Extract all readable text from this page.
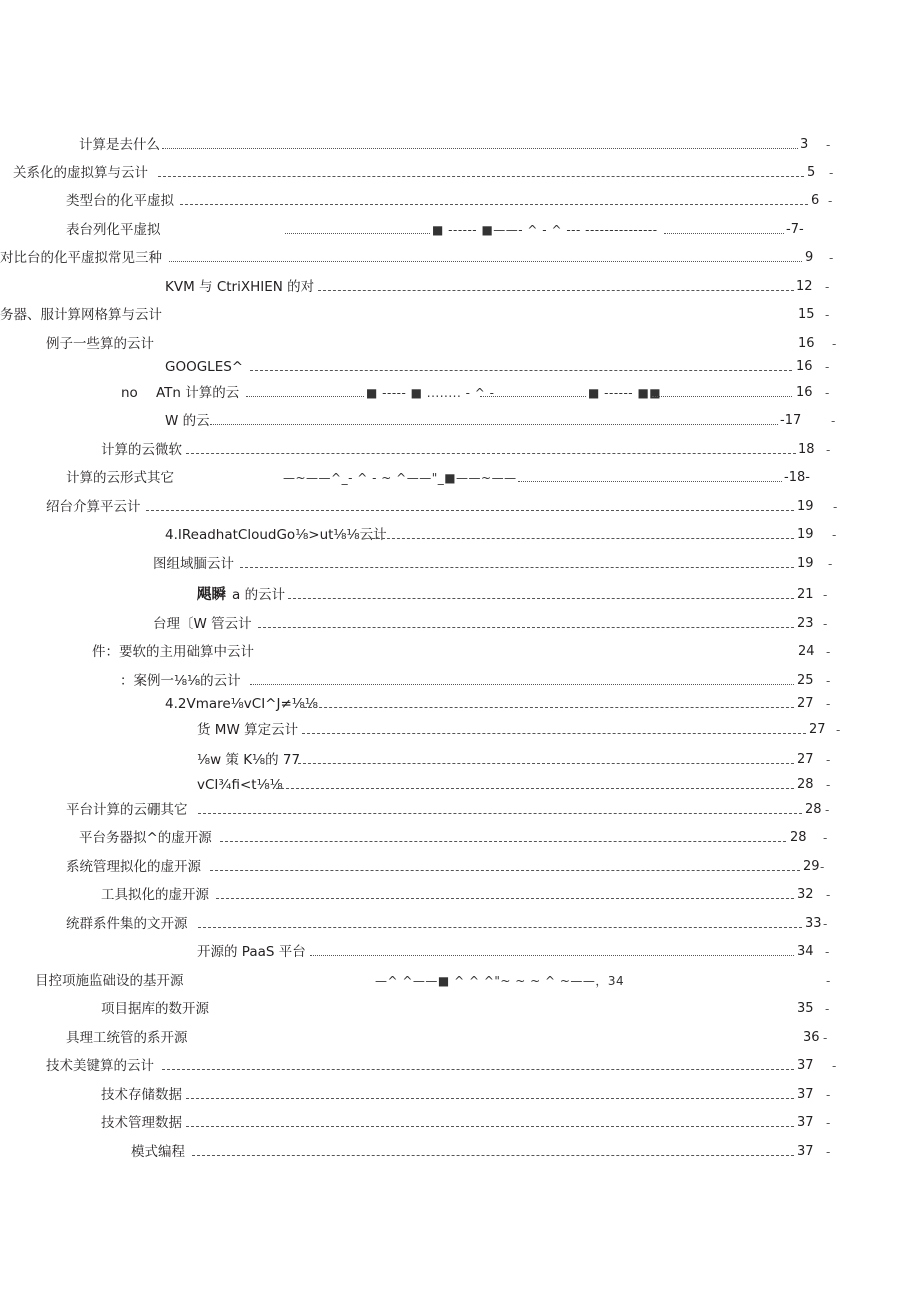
计算是去什么	3 -
关系化的虚拟算与云计	5 -
类型台的化平虚拟	6 -
表台列化平虚拟	■ ------ ■——- ^ - ^ --- ---------------	-7-
对比台的化平虚拟常见三种	9 -
KVM 与 CtriXHIEN 的对	12 -
务器、服计算网格算与云计	15 -
例子一些算的云计	16 -
GOOGLES^	16 -
no ATn 计算的云	■ ----- ■ ........ - ^ -	■ ------ ■■	16 -
W 的云	-17 -
计算的云微软	18 -
计算的云形式其它	—~——^_- ^ - ~ ^——"_■——~——	-18-
绍台介算平云计	19 -
4.IReadhatCloudGo⅛>ut⅛⅛云计	19 -
图组域腼云计	19 -
飓瞬 a 的云计	21 -
台理〔W 管云计	23 -
件：要软的主用础算中云计	24 -
：案例一⅛⅛的云计	25 -
4.2Vmare⅛vCI^J≠⅛⅛	27 -
货 MW 算定云计	27 -
⅛w 策 K⅛的 77	27 -
vCI¾fi<t⅛⅛	28 -
平台计算的云硼其它	28 -
平台务器拟^的虚开源	28 -
系统管理拟化的虚开源	29 -
工具拟化的虚开源	32 -
统群系件集的文开源	33 -
开源的 PaaS 平台	34 -
目控项施监础设的基开源	—^ ^——■ ^ ^ ^"~ ~ ~ ^ ~——，34	-
项目据库的数开源	35 -
具理工统管的系开源	36 -
技术美键算的云计	37 -
技术存储数据	37 -
技术管理数据	37 -
模式编程	37 -
